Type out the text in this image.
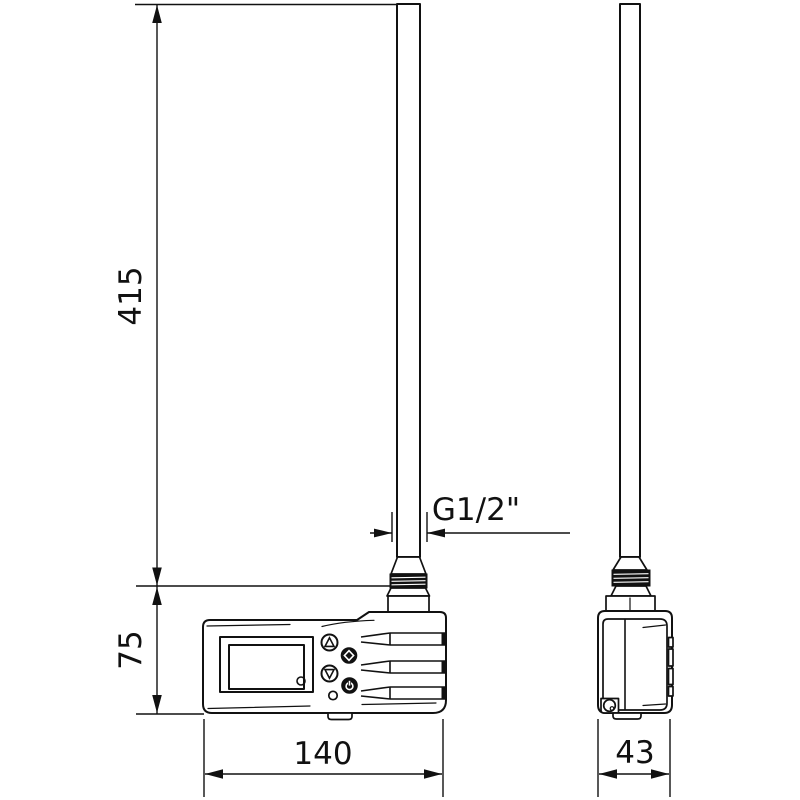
415
75
G1/2"
140	43
